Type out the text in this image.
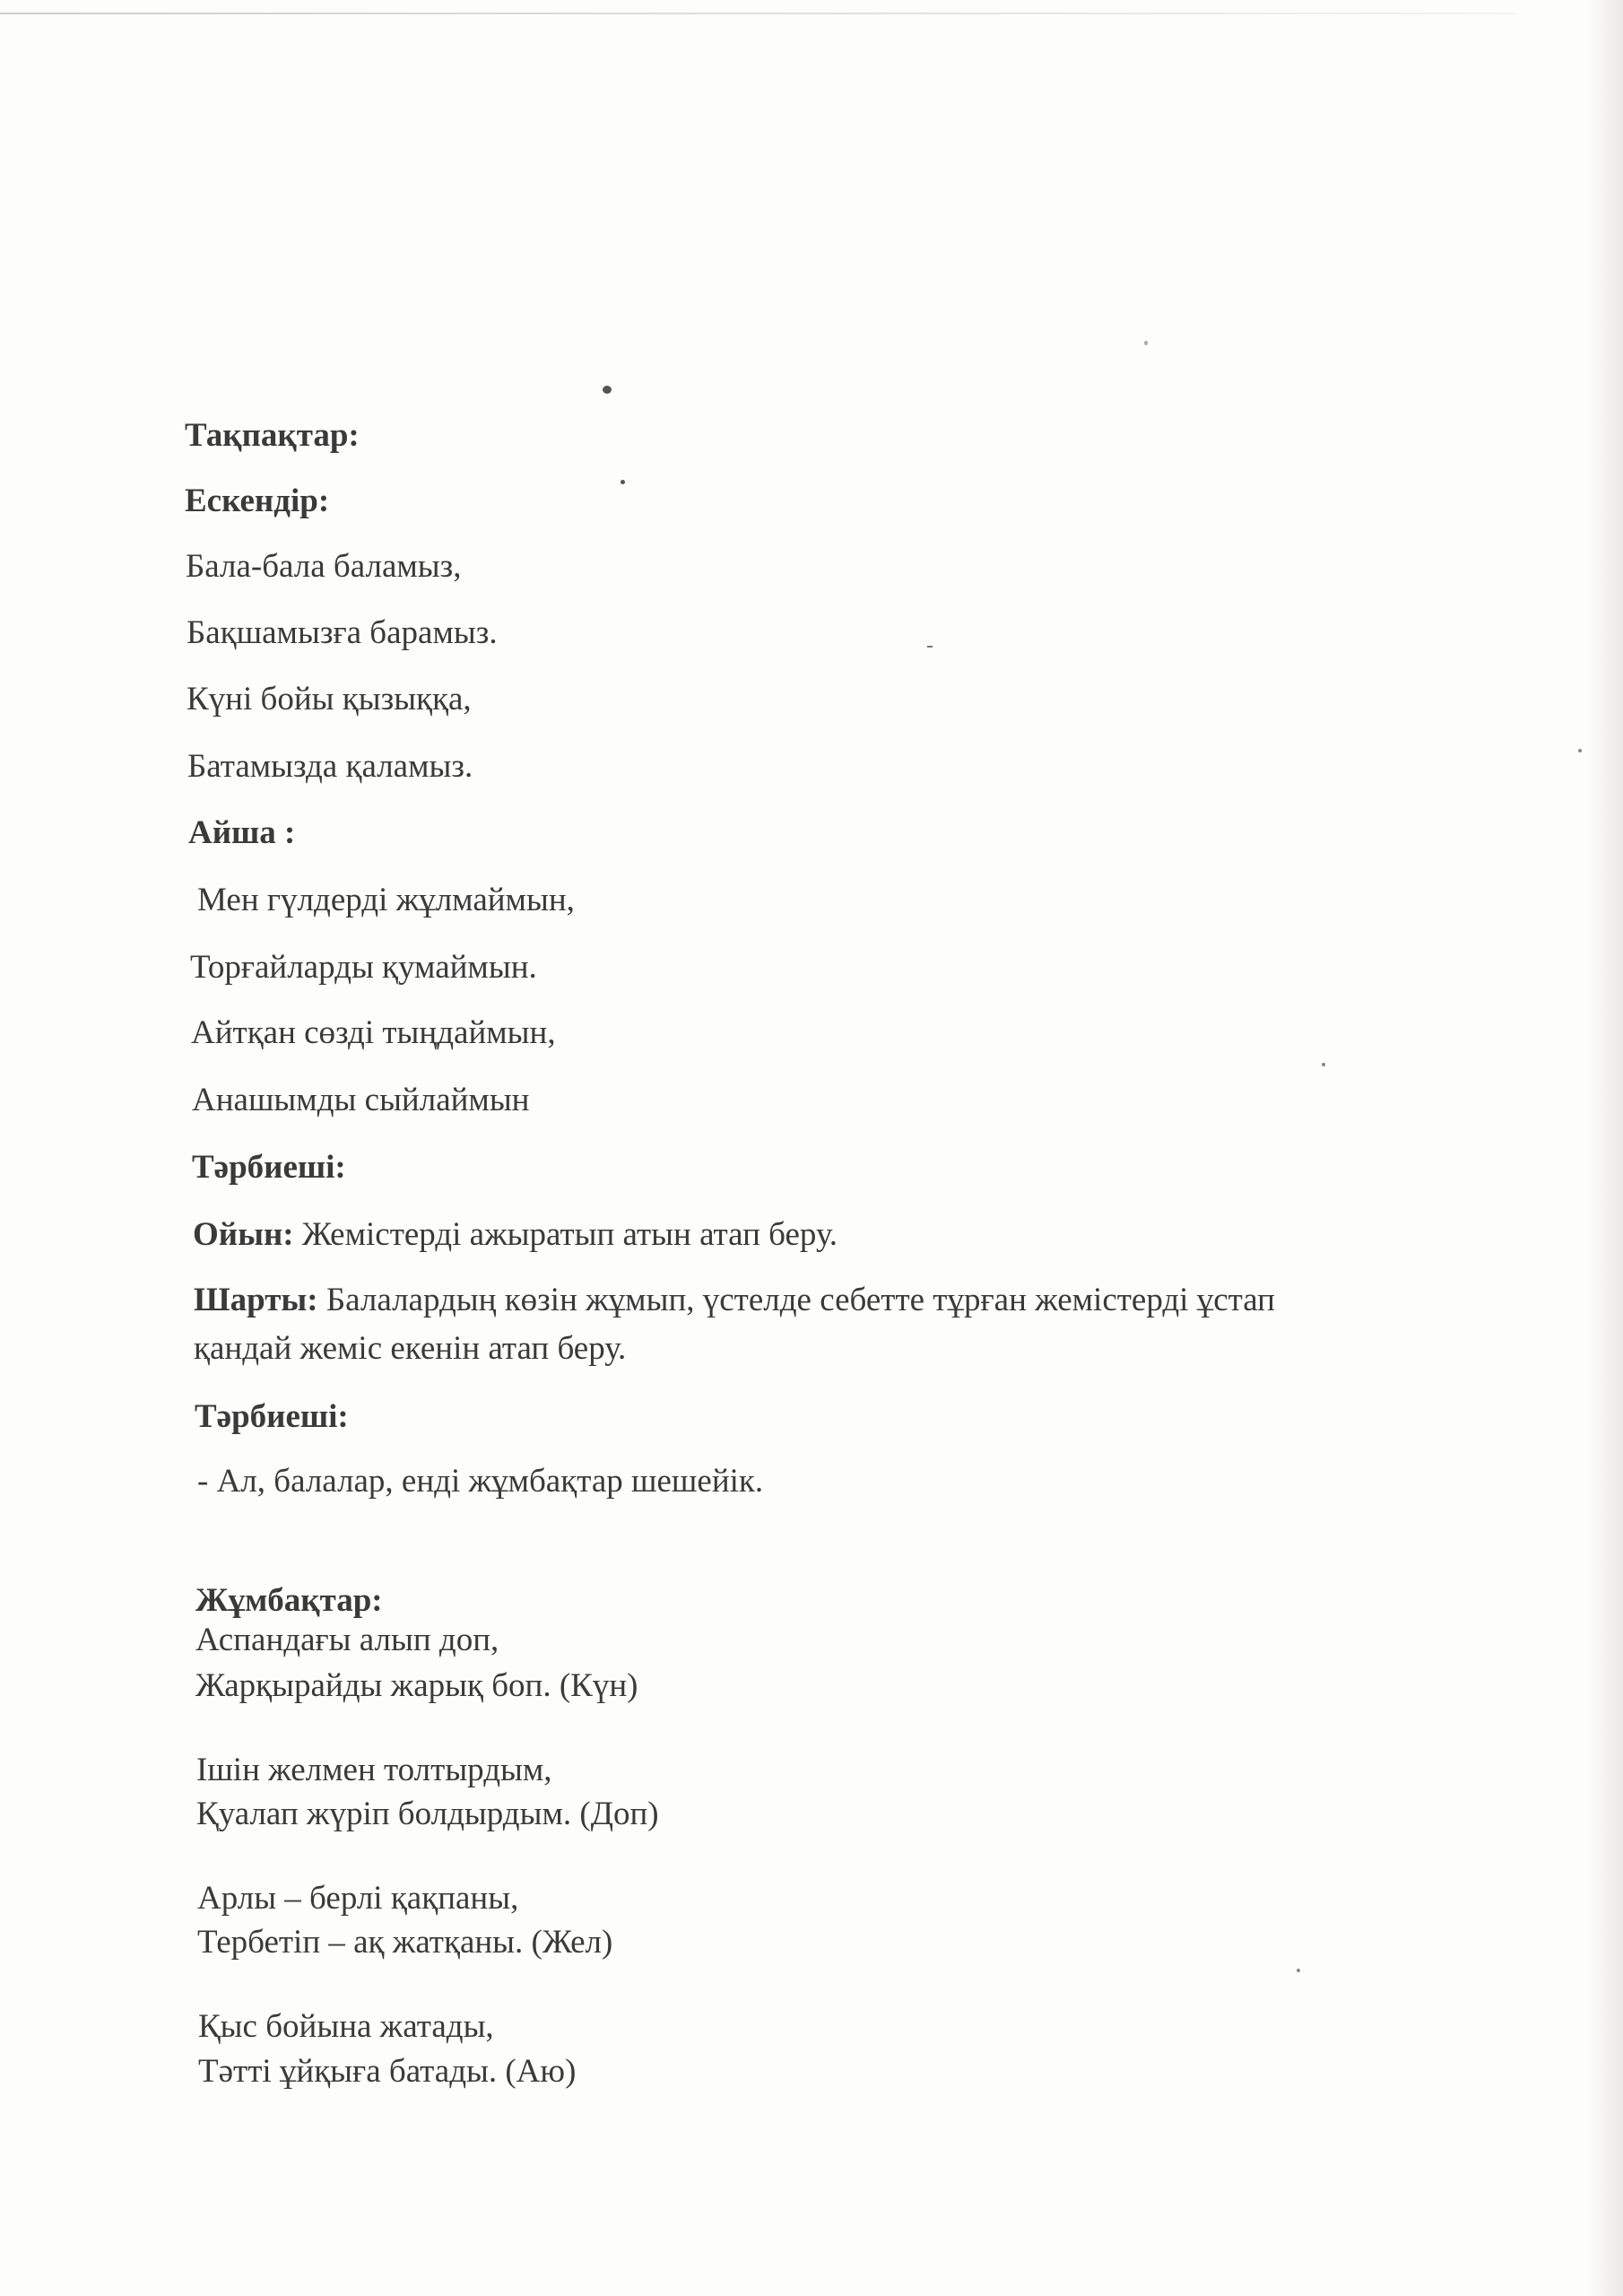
Тақпақтар:
Ескендір:
Бала-бала баламыз,
Бақшамызға барамыз.
Күні бойы қызыққа,
Батамызда қаламыз.
Айша :
Мен гүлдерді жұлмаймын,
Торғайларды қумаймын.
Айтқан сөзді тыңдаймын,
Анашымды сыйлаймын
Тәрбиеші:
Ойын: Жемістерді ажыратып атын атап беру.
Шарты: Балалардың көзін жұмып, үстелде себетте тұрған жемістерді ұстап
қандай жеміс екенін атап беру.
Тәрбиеші:
- Ал, балалар, енді жұмбақтар шешейік.
Жұмбақтар:
Аспандағы алып доп,
Жарқырайды жарық боп. (Күн)
Ішін желмен толтырдым,
Қуалап жүріп болдырдым. (Доп)
Арлы – берлі қақпаны,
Тербетіп – ақ жатқаны. (Жел)
Қыс бойына жатады,
Тәтті ұйқыға батады. (Аю)
